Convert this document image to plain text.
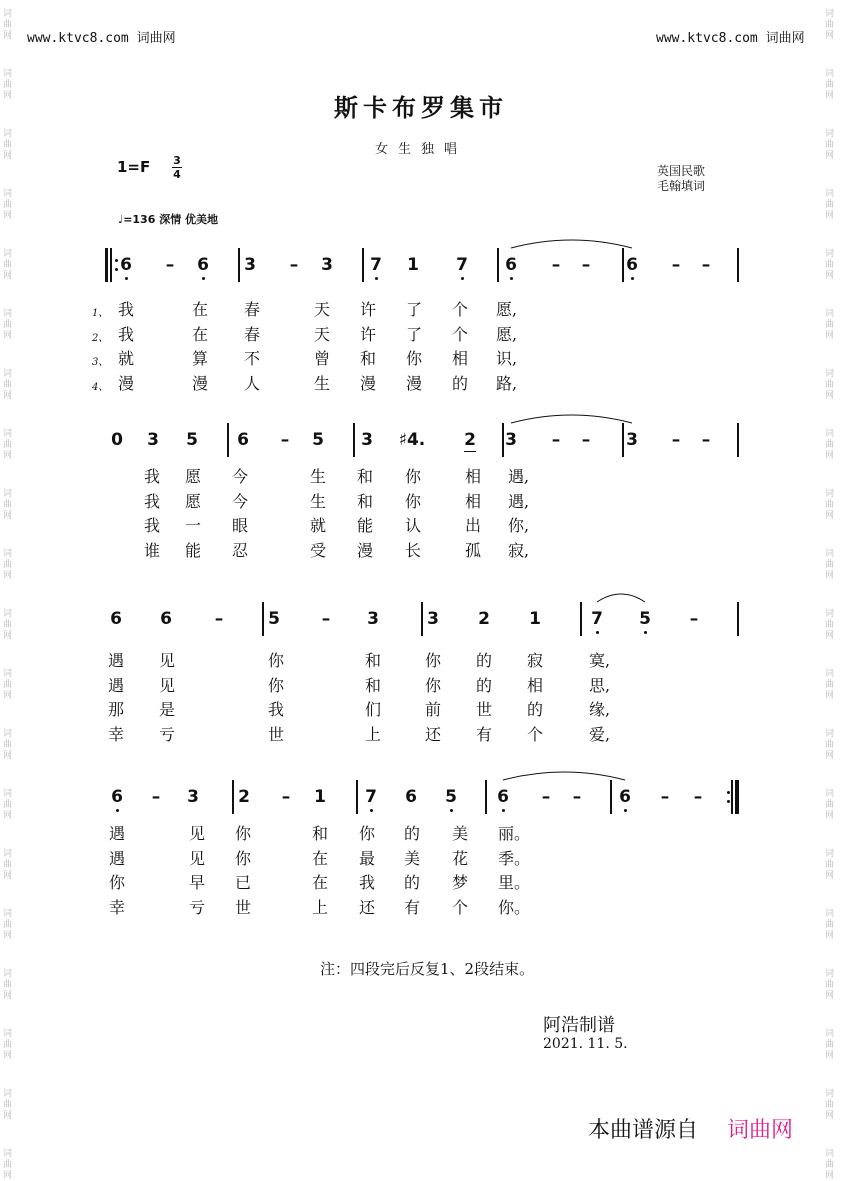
www.ktvc8.com 词曲网	www.ktvc8.com 词曲网
斯卡布罗集市
女生独唱
1=F 3
4	英国民歌
毛翰填词
♩=136 深情 优美地
6	–	6 3	–	3 7 1 7 6	–	–	6	–	–
1、 我	在 春	天 许 了 个 愿,
2、 我	在 春	天 许 了 个 愿,
3、 就	算 不	曾 和 你 相 识,
4、 漫	漫 人	生 漫 漫 的 路,
0 3 5 6	–	5 3 ♯4. 2 3	–	–	3	–	–
我 愿 今	生 和 你	相 遇,
我 愿 今	生 和 你	相 遇,
我 一 眼	就 能 认	出 你,
谁 能 忍	受 漫 长	孤 寂,
6 6	–	5	–	3	3 2 1	7 5	–
遇 见	你	和	你 的 寂	寞,
遇 见	你	和	你 的 相	思,
那 是	我	们	前 世 的	缘,
幸 亏	世	上	还 有 个	爱,
6	–	3 2	–	1 7 6 5 6	–	–	6	–	–
遇	见 你	和 你 的 美 丽。
遇	见 你	在 最 美 花 季。
你	早 已	在 我 的 梦 里。
幸	亏 世	上 还 有 个 你。
注：四段完后反复1、2段结束。
阿浩制谱
2021. 11. 5.
本曲谱源自 词曲网
词
曲
网
词
曲
网
词
曲
网
词
曲
网
词
曲
网
词
曲
网
词
曲
网
词
曲
网
词
曲
网
词
曲
网
词
曲
网
词
曲
网
词
曲
网
词
曲
网
词
曲
网
词
曲
网
词
曲
网
词
曲
网
词
曲
网
词
曲
网
词
曲
网
词
曲
网
词
曲
网
词
曲
网
词
曲
网
词
曲
网
词
曲
网
词
曲
网
词
曲
网
词
曲
网
词
曲
网
词
曲
网
词
曲
网
词
曲
网
词
曲
网
词
曲
网
词
曲
网
词
曲
网
词
曲
网
词
曲
网
